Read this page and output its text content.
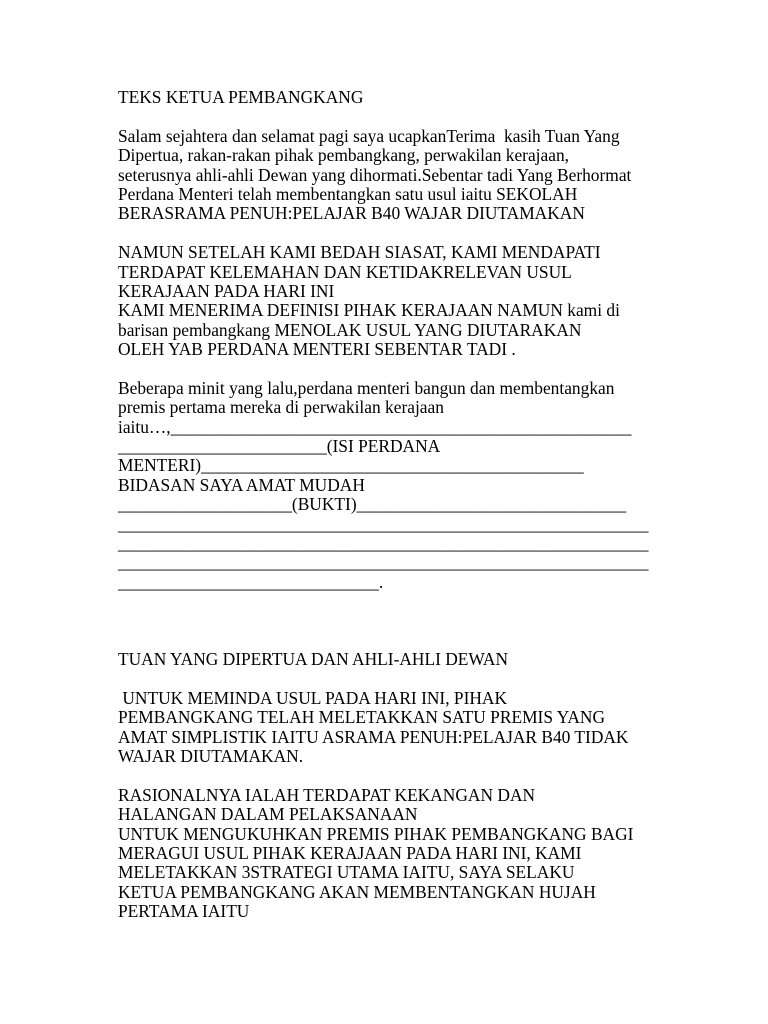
TEKS KETUA PEMBANGKANG
Salam sejahtera dan selamat pagi saya ucapkanTerima  kasih Tuan Yang
Dipertua, rakan-rakan pihak pembangkang, perwakilan kerajaan,
seterusnya ahli-ahli Dewan yang dihormati.Sebentar tadi Yang Berhormat
Perdana Menteri telah membentangkan satu usul iaitu SEKOLAH
BERASRAMA PENUH:PELAJAR B40 WAJAR DIUTAMAKAN
NAMUN SETELAH KAMI BEDAH SIASAT, KAMI MENDAPATI
TERDAPAT KELEMAHAN DAN KETIDAKRELEVAN USUL
KERAJAAN PADA HARI INI
KAMI MENERIMA DEFINISI PIHAK KERAJAAN NAMUN kami di
barisan pembangkang MENOLAK USUL YANG DIUTARAKAN
OLEH YAB PERDANA MENTERI SEBENTAR TADI .
Beberapa minit yang lalu,perdana menteri bangun dan membentangkan
premis pertama mereka di perwakilan kerajaan
iaitu…,_____________________________________________________
________________________(ISI PERDANA
MENTERI)____________________________________________
BIDASAN SAYA AMAT MUDAH
____________________(BUKTI)_______________________________
_____________________________________________________________
_____________________________________________________________
_____________________________________________________________
______________________________.
TUAN YANG DIPERTUA DAN AHLI-AHLI DEWAN
UNTUK MEMINDA USUL PADA HARI INI, PIHAK
PEMBANGKANG TELAH MELETAKKAN SATU PREMIS YANG
AMAT SIMPLISTIK IAITU ASRAMA PENUH:PELAJAR B40 TIDAK
WAJAR DIUTAMAKAN.
RASIONALNYA IALAH TERDAPAT KEKANGAN DAN
HALANGAN DALAM PELAKSANAAN
UNTUK MENGUKUHKAN PREMIS PIHAK PEMBANGKANG BAGI
MERAGUI USUL PIHAK KERAJAAN PADA HARI INI, KAMI
MELETAKKAN 3STRATEGI UTAMA IAITU, SAYA SELAKU
KETUA PEMBANGKANG AKAN MEMBENTANGKAN HUJAH
PERTAMA IAITU
